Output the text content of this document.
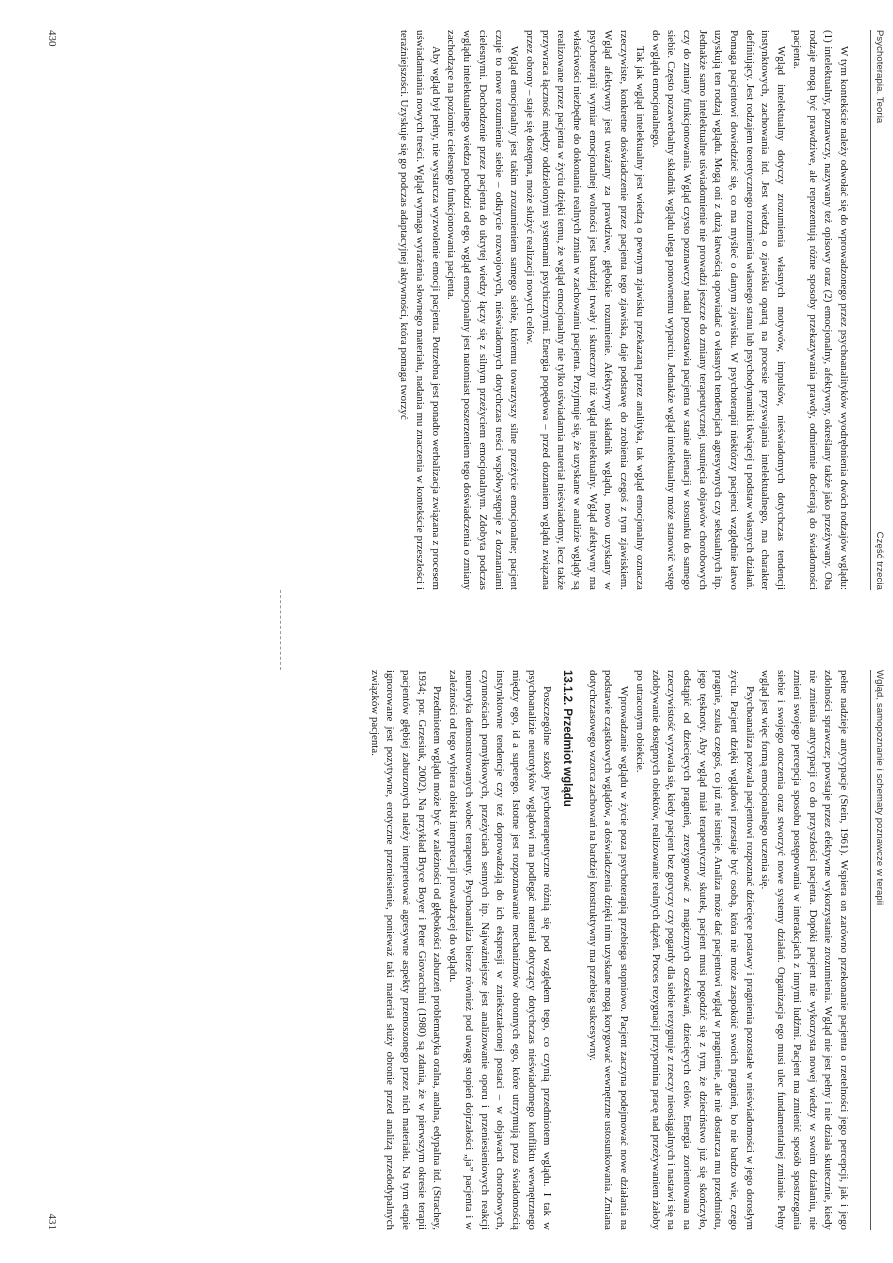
Psychoterapia. Teoria
Część trzecia

W tym kontekście należy odwołać się do wprowadzonego przez psychoanalityków wyodrębnienia dwóch rodzajów wglądu: (1) intelektualny, poznawczy, nazywany też opisowy oraz (2) emocjonalny, afektywny, określany także jako przeżywany. Oba rodzaje mogą być prawdziwe, ale reprezentują różne sposoby przekazywania prawdy, odmiennie docierają do świadomości pacjenta.

Wgląd intelektualny dotyczy zrozumienia własnych motywów, impulsów, nieświadomych dotychczas tendencji instynktowych, zachowania itd. Jest wiedzą o zjawisku opartą na procesie przyswajania intelektualnego, ma charakter definiujący. Jest rodzajem teoretycznego rozumienia własnego stanu lub psychodynamiki tkwiącej u podstaw własnych działań. Pomaga pacjentowi dowiedzieć się, co ma myśleć o danym zjawisku. W psychoterapii niektórzy pacjenci względnie łatwo uzyskują ten rodzaj wglądu. Mogą oni z dużą łatwością opowiadać o własnych tendencjach agresywnych czy seksualnych itp. Jednakże samo intelektualne uświadomienie nie prowadzi jeszcze do zmiany terapeutycznej, usunięcia objawów chorobowych czy do zmiany funkcjonowania. Wgląd czysto poznawczy nadal pozostawia pacjenta w stanie alienacji w stosunku do samego siebie. Często pozawerbalny składnik wglądu ulega ponownemu wyparciu. Jednakże wgląd intelektualny może stanowić wstęp do wglądu emocjonalnego.

Tak jak wgląd intelektualny jest wiedzą o pewnym zjawisku przekazaną przez analityka, tak wgląd emocjonalny oznacza rzeczywiste, konkretne doświadczenie przez pacjenta tego zjawiska, daje podstawę do zrobienia czegoś z tym zjawiskiem. Wgląd afektywny jest uważany za prawdziwe, głębokie rozumienie. Afektywny składnik wglądu, nowo uzyskany w psychoterapii wymiar emocjonalnej wolności jest bardziej trwały i skuteczny niż wgląd intelektualny. Wgląd afektywny ma właściwości niezbędne do dokonania realnych zmian w zachowaniu pacjenta. Przyjmuje się, że uzyskane w analizie wglądy są realizowane przez pacjenta w życiu dzięki temu, że wgląd emocjonalny nie tylko uświadamia materiał nieświadomy, lecz także przywraca łączność między oddzielonymi systemami psychicznymi. Energia popędowa – przed doznaniem wglądu związana przez obrony – staje się dostępna, może służyć realizacji nowych celów.

Wgląd emocjonalny jest takim zrozumieniem samego siebie, któremu towarzyszy silne przeżycie emocjonalne; pacjent czuje to nowe rozumienie siebie – odkrycie rozwojowych, nieświadomych dotychczas treści współwystępuje z doznaniami cielesnymi. Dochodzenie przez pacjenta do ukrytej wiedzy łączy się z silnym przeżyciem emocjonalnym. Zdobyta podczas wglądu intelektualnego wiedza pochodzi od ego, wgląd emocjonalny jest natomiast poszerzeniem tego doświadczenia o zmiany zachodzące na poziomie cielesnego funkcjonowania pacjenta.

Aby wgląd był pełny, nie wystarcza wyzwolenie emocji pacjenta. Potrzebna jest ponadto werbalizacja związana z procesem uświadamiania nowych treści. Wgląd wymaga wyrażenia słownego materiału, nadania mu znaczenia w kontekście przeszłości i teraźniejszości. Uzyskuje się go podczas adaptacyjnej aktywności, która pomaga tworzyć

430
Wgląd, samopoznanie i schematy poznawcze w terapii

pełne nadzieje antycypacje (Stein, 1961). Wspiera on zarówno przekonanie pacjenta o rzetelności jego percepcji, jak i jego zdolności sprawcze; powstaje przez efektywne wykorzystanie zrozumienia. Wgląd nie jest pełny i nie działa skutecznie, kiedy nie zmienia antycypacji co do przyszłości pacjenta. Dopóki pacjent nie wykorzysta nowej wiedzy w swoim działaniu, nie zmieni swojego percepcja sposobu postępowania w interakcjach z innymi ludźmi. Pacjent ma zmienić sposób spostrzegania siebie i swojego otoczenia oraz stworzyć nowe systemy działań. Organizacja ego musi ulec fundamentalnej zmianie. Pełny wgląd jest więc formą emocjonalnego uczenia się.

Psychoanaliza pozwala pacjentowi rozpoznać dziecięce postawy i pragnienia pozostałe w nieświadomości w jego dorosłym życiu. Pacjent dzięki wglądowi przestaje być osobą, która nie może zaspokoić swoich pragnień, bo nie bardzo wie, czego pragnie, szuka czegoś, co już nie istnieje. Analiza może dać pacjentowi wgląd w pragnienie, ale nie dostarcza mu przedmiotu, jego tęsknoty. Aby wgląd miał terapeutyczny skutek, pacjent musi pogodzić się z tym, że dzieciństwo już się skończyło, odstąpić od dziecięcych pragnień, zrezygnować z magicznych oczekiwań, dziecięcych celów. Energia zorientowana na rzeczywistość wyzwala się, kiedy pacjent bez goryczy czy pogardy dla siebie rezygnuje z rzeczy nieosiągalnych i nastawi się na zdobywanie dostępnych obiektów, realizowanie realnych dążeń. Proces rezygnacji przypomina pracę nad przeżywaniem żałoby po utraconym obiekcie.

Wprowadzanie wglądu w życie poza psychoterapią przebiega stopniowo. Pacjent zaczyna podejmować nowe działania na podstawie cząstkowych wglądów, a doświadczenia dzięki nim uzyskane mogą korygować wewnętrzne ustosunkowania. Zmiana dotychczasowego wzorca zachowań na bardziej konstruktywny ma przebieg sukcesywny.

13.1.2. Przedmiot wglądu

Poszczególne szkoły psychoterapeutyczne różnią się pod względem tego, co czynią przedmiotem wglądu. I tak w psychoanalizie neurotyków wglądowi ma podlegać materiał dotyczący dotychczas nieświadomego konfliktu wewnętrznego między ego, id a superego. Istotne jest rozpoznawanie mechanizmów obronnych ego, które utrzymują poza świadomością instynktowne tendencje czy też doprowadzają do ich ekspresji w zniekształconej postaci – w objawach chorobowych, czynnościach pomyłkowych, przeżyciach sennych itp. Najważniejsze jest analizowanie oporu i przeniesieniowych reakcji neurotyka demonstrowanych wobec terapeuty. Psychoanaliza bierze również pod uwagę stopień dojrzałości „ja” pacjenta i w zależności od tego wybiera obiekt interpretacji prowadzącej do wglądu.

Przedmiotem wglądu może być w zależności od głębokości zaburzeń problematyka oralna, analna, edypalna itd. (Strachey, 1934; por. Grzesiuk, 2002). Na przykład Bryce Boyer i Peter Giovacchini (1980) są zdania, że w pierwszym okresie terapii pacjentów głębiej zaburzonych należy interpretować agresywne aspekty przenoszonego przez nich materiału. Na tym etapie ignorowane jest pozytywne, erotyczne przeniesienie, ponieważ taki materiał służy obronie przed analizą przedodypalnych związków pacjenta.

431
